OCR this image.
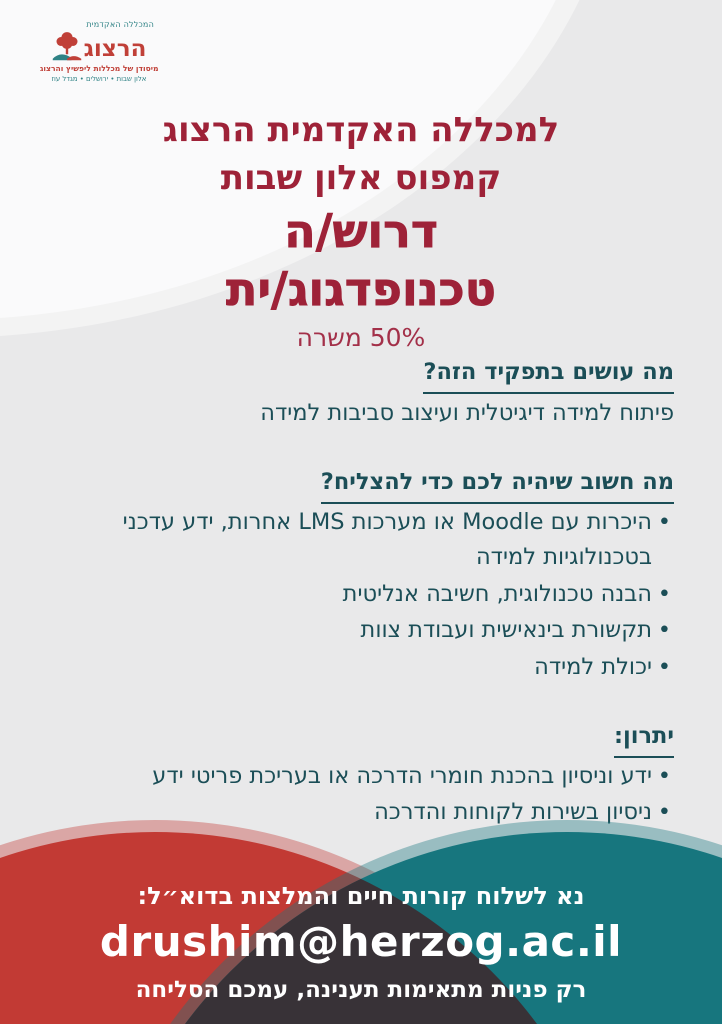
המכללה האקדמית
הרצוג
מיסודן של מכללות ליפשיץ והרצוג
אלון שבות • ירושלים • מגדל עוז
למכללה האקדמית הרצוג
קמפוס אלון שבות
דרוש/ה
טכנופדגוג/ית
50% משרה
מה עושים בתפקיד הזה?
פיתוח למידה דיגיטלית ועיצוב סביבות למידה
מה חשוב שיהיה לכם כדי להצליח?
• היכרות עם Moodle או מערכות LMS אחרות, ידע עדכני בטכנולוגיות למידה
• הבנה טכנולוגית, חשיבה אנליטית
• תקשורת בינאישית ועבודת צוות
• יכולת למידה
יתרון:
• ידע וניסיון בהכנת חומרי הדרכה או בעריכת פריטי ידע
• ניסיון בשירות לקוחות והדרכה
נא לשלוח קורות חיים והמלצות בדוא״ל:
drushim@herzog.ac.il
רק פניות מתאימות תענינה, עמכם הסליחה
